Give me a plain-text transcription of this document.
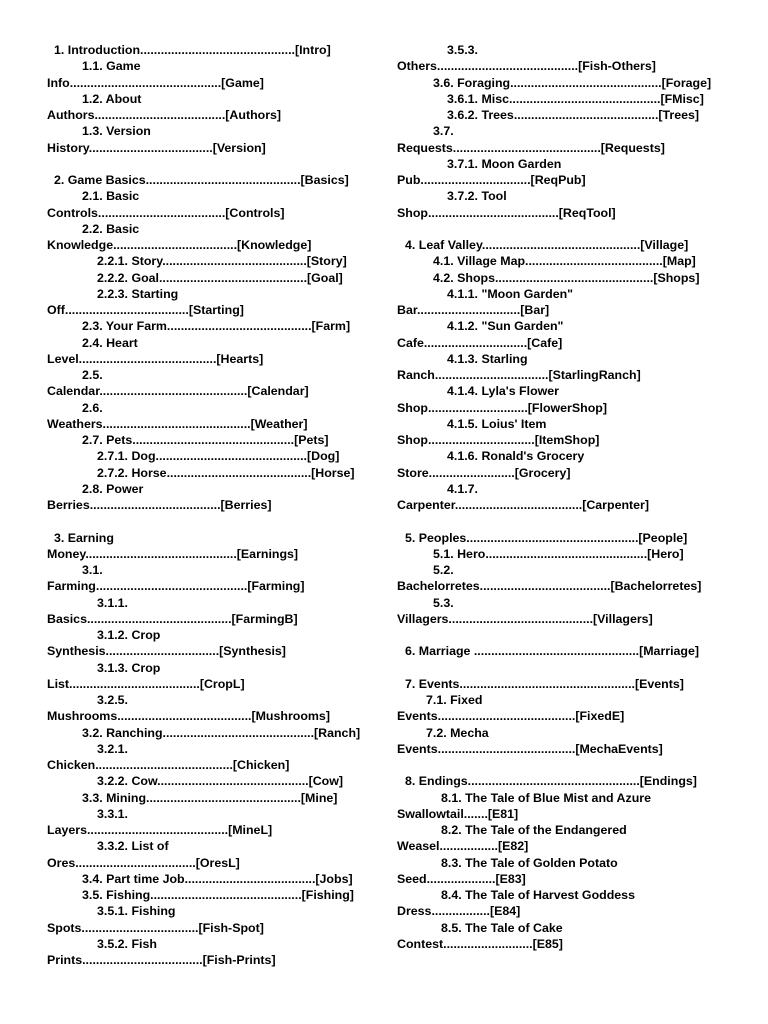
1. Introduction.............................................[Intro]
1.1. Game
Info............................................[Game]
1.2. About
Authors......................................[Authors]
1.3. Version
History....................................[Version]
2. Game Basics.............................................[Basics]
2.1. Basic
Controls.....................................[Controls]
2.2. Basic
Knowledge....................................[Knowledge]
2.2.1. Story..........................................[Story]
2.2.2. Goal...........................................[Goal]
2.2.3. Starting
Off....................................[Starting]
2.3. Your Farm..........................................[Farm]
2.4. Heart
Level........................................[Hearts]
2.5.
Calendar...........................................[Calendar]
2.6.
Weathers...........................................[Weather]
2.7. Pets...............................................[Pets]
2.7.1. Dog............................................[Dog]
2.7.2. Horse..........................................[Horse]
2.8. Power
Berries......................................[Berries]
3. Earning
Money............................................[Earnings]
3.1.
Farming............................................[Farming]
3.1.1.
Basics..........................................[FarmingB]
3.1.2. Crop
Synthesis.................................[Synthesis]
3.1.3. Crop
List......................................[CropL]
3.2.5.
Mushrooms.......................................[Mushrooms]
3.2. Ranching............................................[Ranch]
3.2.1.
Chicken........................................[Chicken]
3.2.2. Cow............................................[Cow]
3.3. Mining.............................................[Mine]
3.3.1.
Layers.........................................[MineL]
3.3.2. List of
Ores...................................[OresL]
3.4. Part time Job......................................[Jobs]
3.5. Fishing............................................[Fishing]
3.5.1. Fishing
Spots..................................[Fish-Spot]
3.5.2. Fish
Prints...................................[Fish-Prints]
3.5.3.
Others.........................................[Fish-Others]
3.6. Foraging............................................[Forage]
3.6.1. Misc............................................[FMisc]
3.6.2. Trees..........................................[Trees]
3.7.
Requests...........................................[Requests]
3.7.1. Moon Garden
Pub................................[ReqPub]
3.7.2. Tool
Shop......................................[ReqTool]
4. Leaf Valley..............................................[Village]
4.1. Village Map........................................[Map]
4.2. Shops..............................................[Shops]
4.1.1. "Moon Garden"
Bar..............................[Bar]
4.1.2. "Sun Garden"
Cafe..............................[Cafe]
4.1.3. Starling
Ranch.................................[StarlingRanch]
4.1.4. Lyla's Flower
Shop.............................[FlowerShop]
4.1.5. Loius' Item
Shop...............................[ItemShop]
4.1.6. Ronald's Grocery
Store.........................[Grocery]
4.1.7.
Carpenter.....................................[Carpenter]
5. Peoples..................................................[People]
5.1. Hero...............................................[Hero]
5.2.
Bachelorretes......................................[Bachelorretes]
5.3.
Villagers..........................................[Villagers]
6. Marriage ................................................[Marriage]
7. Events...................................................[Events]
7.1. Fixed
Events........................................[FixedE]
7.2. Mecha
Events........................................[MechaEvents]
8. Endings..................................................[Endings]
8.1. The Tale of Blue Mist and Azure
Swallowtail.......[E81]
8.2. The Tale of the Endangered
Weasel.................[E82]
8.3. The Tale of Golden Potato
Seed....................[E83]
8.4. The Tale of Harvest Goddess
Dress.................[E84]
8.5. The Tale of Cake
Contest..........................[E85]
